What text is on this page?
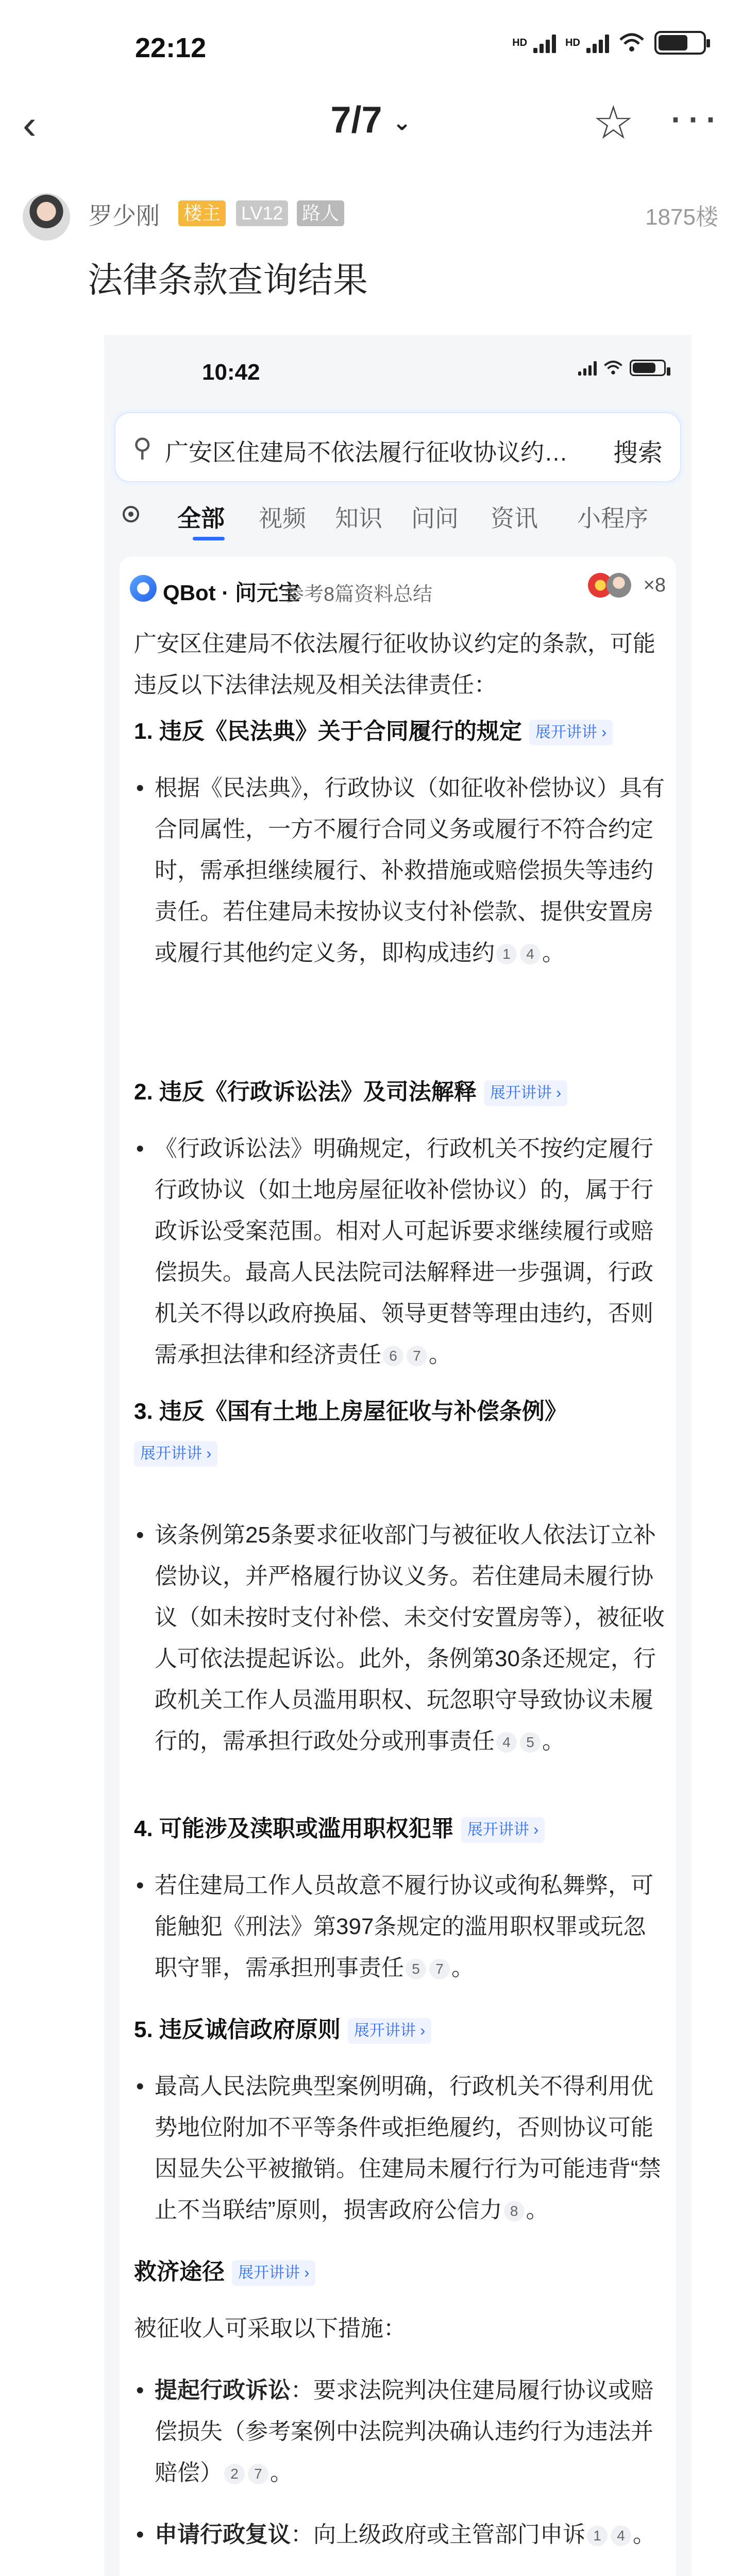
22:12	HD	HD
‹	7/7 ⌄	☆ ···
罗少刚 楼主 LV12 路人	1875楼
法律条款查询结果
10:42
⚲ 广安区住建局不依法履行征收协议约…	搜索
全部 视频 知识 问问 资讯 小程序
QBot · 问元宝
参考8篇资料总结	×8
广安区住建局不依法履行征收协议约定的条款，可能违反以下法律法规及相关法律责任：
1. 违反《民法典》关于合同履行的规定 展开讲讲 ›
• 根据《民法典》，行政协议（如征收补偿协议）具有合同属性，一方不履行合同义务或履行不符合约定时，需承担继续履行、补救措施或赔偿损失等违约责任。若住建局未按协议支付补偿款、提供安置房或履行其他约定义务，即构成违约 1 4 。
2. 违反《行政诉讼法》及司法解释 展开讲讲 ›
• 《行政诉讼法》明确规定，行政机关不按约定履行行政协议（如土地房屋征收补偿协议）的，属于行政诉讼受案范围。相对人可起诉要求继续履行或赔偿损失。最高人民法院司法解释进一步强调，行政机关不得以政府换届、领导更替等理由违约，否则需承担法律和经济责任 6 7 。
3. 违反《国有土地上房屋征收与补偿条例》
展开讲讲 ›
• 该条例第25条要求征收部门与被征收人依法订立补偿协议，并严格履行协议义务。若住建局未履行协议（如未按时支付补偿、未交付安置房等），被征收人可依法提起诉讼。此外，条例第30条还规定，行政机关工作人员滥用职权、玩忽职守导致协议未履行的，需承担行政处分或刑事责任 4 5 。
4. 可能涉及渎职或滥用职权犯罪 展开讲讲 ›
• 若住建局工作人员故意不履行协议或徇私舞弊，可能触犯《刑法》第397条规定的滥用职权罪或玩忽职守罪，需承担刑事责任 5 7 。
5. 违反诚信政府原则 展开讲讲 ›
• 最高人民法院典型案例明确，行政机关不得利用优势地位附加不平等条件或拒绝履约，否则协议可能因显失公平被撤销。住建局未履行行为可能违背“禁止不当联结”原则，损害政府公信力 8 。
救济途径 展开讲讲 ›
被征收人可采取以下措施：
• 提起行政诉讼：要求法院判决住建局履行协议或赔偿损失（参考案例中法院判决确认违约行为违法并赔偿） 2 7 。
• 申请行政复议：向上级政府或主管部门申诉 1 4 。
